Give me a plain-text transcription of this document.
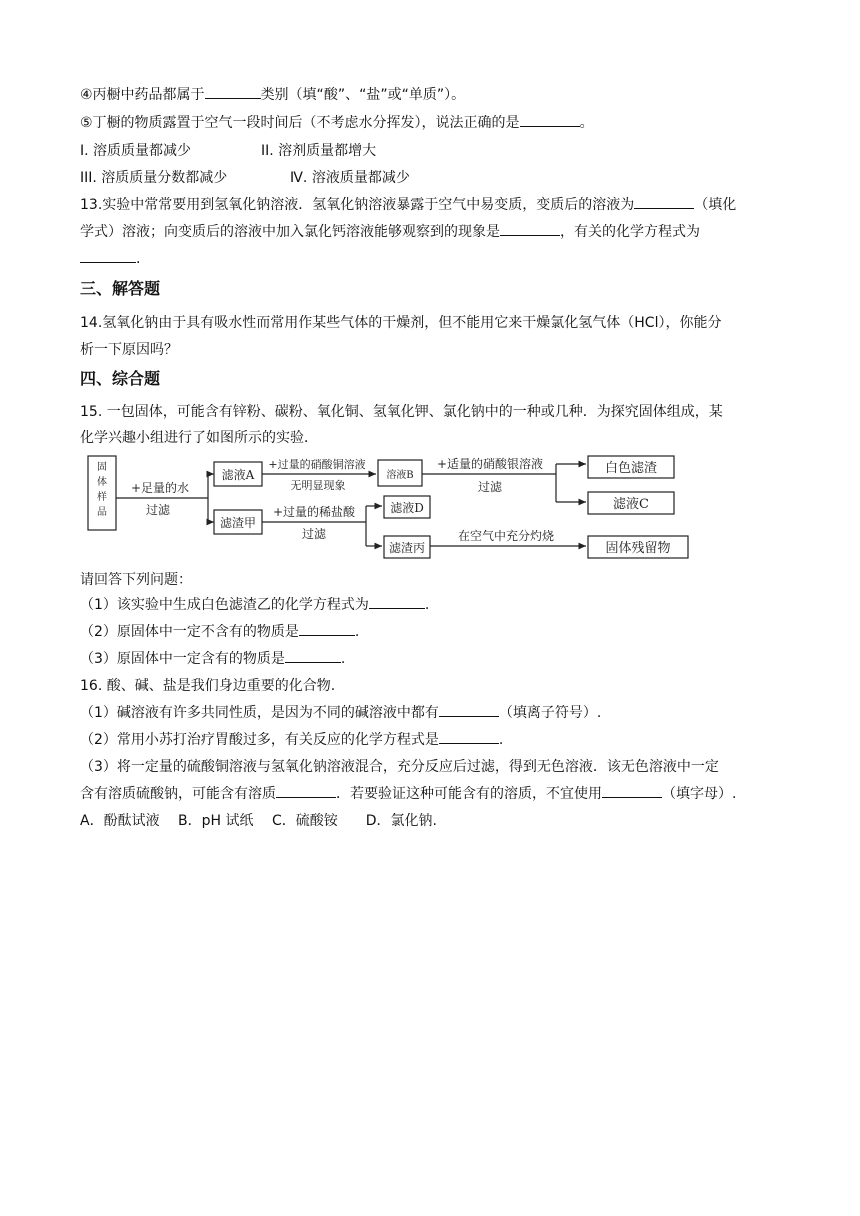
④丙橱中药品都属于	类别（填“酸”、“盐”或“单质”）。
⑤丁橱的物质露置于空气一段时间后（不考虑水分挥发），说法正确的是	。
I. 溶质质量都减少	II. 溶剂质量都增大
III. 溶质质量分数都减少	Ⅳ. 溶液质量都减少
13.实验中常常要用到氢氧化钠溶液．氢氧化钠溶液暴露于空气中易变质，变质后的溶液为	（填化
学式）溶液；向变质后的溶液中加入氯化钙溶液能够观察到的现象是	，有关的化学方程式为
.
三、解答题
14.氢氧化钠由于具有吸水性而常用作某些气体的干燥剂，但不能用它来干燥氯化氢气体（HCl），你能分
析一下原因吗？
四、综合题
15. 一包固体，可能含有锌粉、碳粉、氧化铜、氢氧化钾、氯化钠中的一种或几种．为探究固体组成，某
化学兴趣小组进行了如图所示的实验．
固
体
样
品
+足量的水
过滤
滤液A
+过量的硝酸铜溶液
无明显现象
溶液B
+适量的硝酸银溶液
过滤
白色滤渣
滤液C
滤渣甲
+过量的稀盐酸
过滤
滤液D
滤渣丙
在空气中充分灼烧
固体残留物
请回答下列问题：
（1）该实验中生成白色滤渣乙的化学方程式为	.
（2）原固体中一定不含有的物质是	.
（3）原固体中一定含有的物质是	.
16. 酸、碱、盐是我们身边重要的化合物.
（1）碱溶液有许多共同性质，是因为不同的碱溶液中都有	（填离子符号）.
（2）常用小苏打治疗胃酸过多，有关反应的化学方程式是	.
（3）将一定量的硫酸铜溶液与氢氧化钠溶液混合，充分反应后过滤，得到无色溶液．该无色溶液中一定
含有溶质硫酸钠，可能含有溶质	．若要验证这种可能含有的溶质，不宜使用	（填字母）.
A．酚酞试液　 B．pH 试纸　 C．硫酸铵　　D．氯化钠.
